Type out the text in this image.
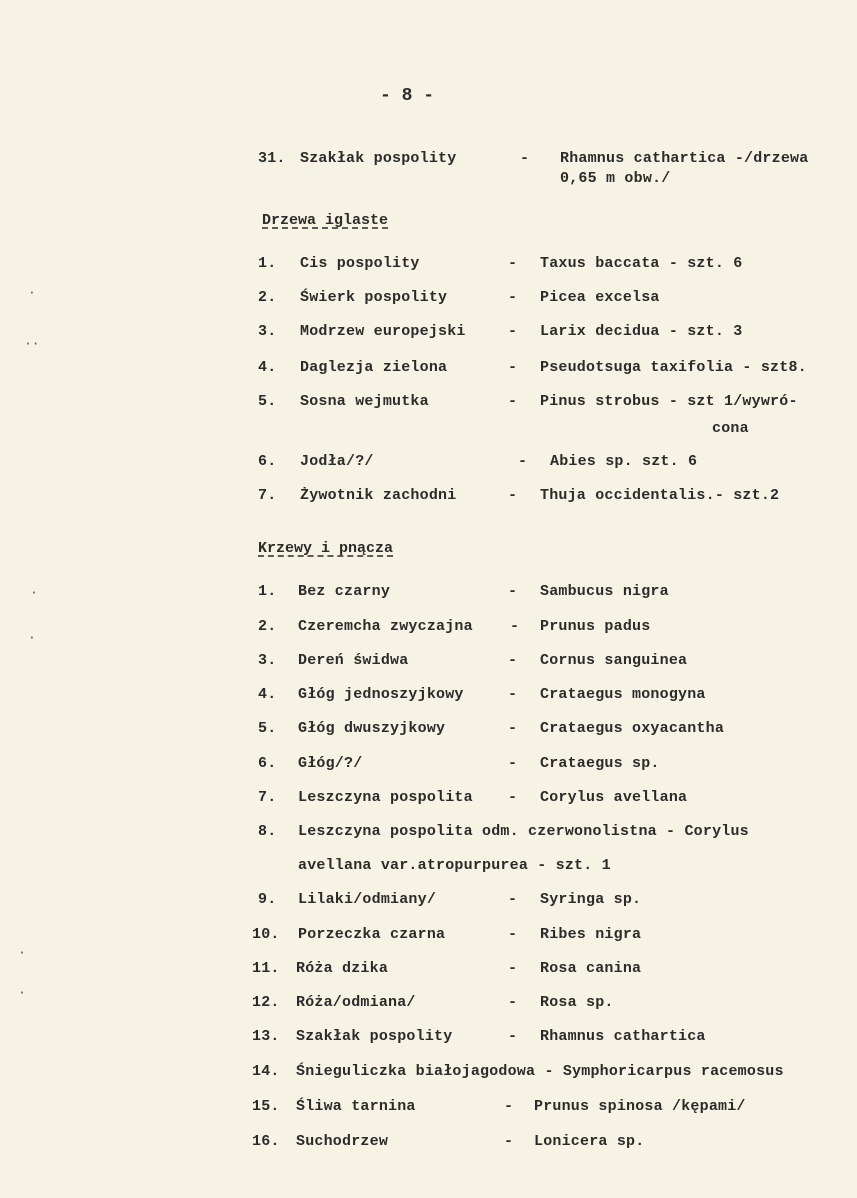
- 8 -
31. Szakłak pospolity	- Rhamnus cathartica -/drzewa
0,65 m obw./
Drzewa iglaste
1. Cis pospolity	- Taxus baccata - szt. 6
2. Świerk pospolity	- Picea excelsa
3. Modrzew europejski	- Larix decidua - szt. 3
4. Daglezja zielona	- Pseudotsuga taxifolia - szt8.
5. Sosna wejmutka	- Pinus strobus - szt 1/wywró-
cona
6. Jodła/?/	- Abies sp. szt. 6
7. Żywotnik zachodni	- Thuja occidentalis.- szt.2
Krzewy i pnącza
1. Bez czarny	- Sambucus nigra
2. Czeremcha zwyczajna - Prunus padus
3. Dereń świdwa	- Cornus sanguinea
4. Głóg jednoszyjkowy	- Crataegus monogyna
5. Głóg dwuszyjkowy	- Crataegus oxyacantha
6. Głóg/?/	- Crataegus sp.
7. Leszczyna pospolita - Corylus avellana
8. Leszczyna pospolita odm. czerwonolistna - Corylus
avellana var.atropurpurea - szt. 1
9. Lilaki/odmiany/	- Syringa sp.
10. Porzeczka czarna	- Ribes nigra
11. Róża dzika	- Rosa canina
12. Róża/odmiana/	- Rosa sp.
13. Szakłak pospolity	- Rhamnus cathartica
14. Śnieguliczka białojagodowa - Symphoricarpus racemosus
15. Śliwa tarnina	- Prunus spinosa /kępami/
16. Suchodrzew	- Lonicera sp.
·
··
·
·
·
·
